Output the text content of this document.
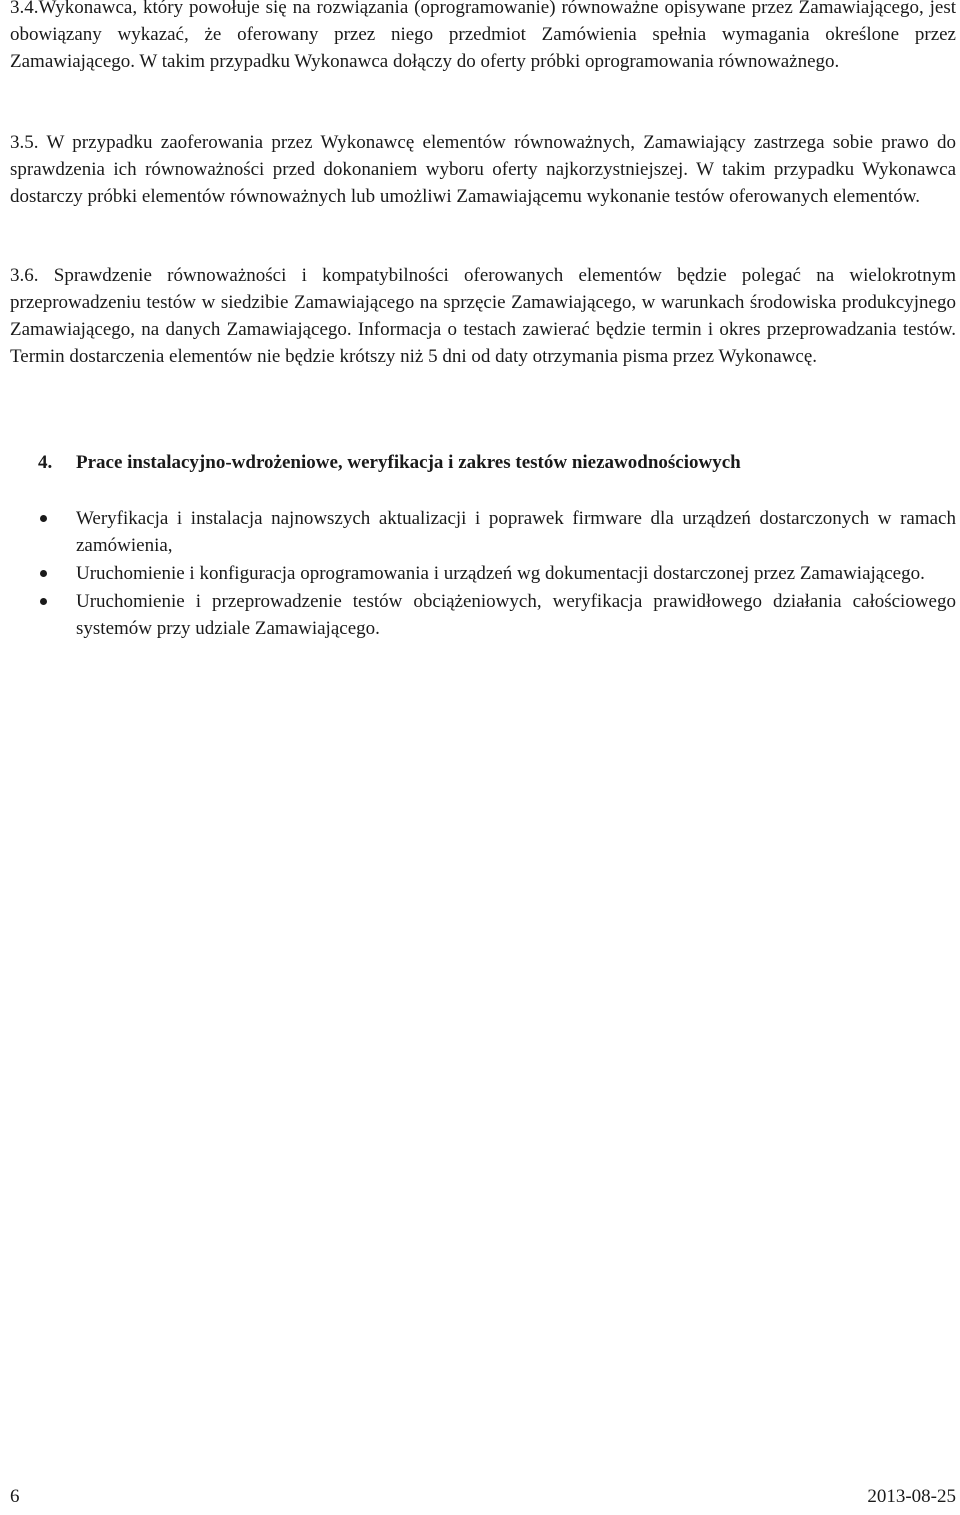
3.4.Wykonawca, który powołuje się na rozwiązania (oprogramowanie) równoważne opisywane przez Zamawiającego, jest obowiązany wykazać, że oferowany przez niego przedmiot Zamówienia spełnia wymagania określone przez Zamawiającego. W takim przypadku Wykonawca dołączy do oferty próbki oprogramowania równoważnego.
3.5. W przypadku zaoferowania przez Wykonawcę elementów równoważnych, Zamawiający zastrzega sobie prawo do sprawdzenia ich równoważności przed dokonaniem wyboru oferty najkorzystniejszej. W takim przypadku Wykonawca dostarczy próbki elementów równoważnych lub umożliwi Zamawiającemu wykonanie testów oferowanych elementów.
3.6. Sprawdzenie równoważności i kompatybilności oferowanych elementów będzie polegać na wielokrotnym przeprowadzeniu testów w siedzibie Zamawiającego na sprzęcie Zamawiającego, w warunkach środowiska produkcyjnego Zamawiającego, na danych Zamawiającego. Informacja o testach zawierać będzie termin i okres przeprowadzania testów. Termin dostarczenia elementów nie będzie krótszy niż 5 dni od daty otrzymania pisma przez Wykonawcę.
4.	Prace instalacyjno-wdrożeniowe, weryfikacja i zakres testów niezawodnościowych
Weryfikacja i instalacja najnowszych aktualizacji i poprawek firmware dla urządzeń dostarczonych w ramach zamówienia,
Uruchomienie i konfiguracja oprogramowania i urządzeń wg dokumentacji dostarczonej przez Zamawiającego.
Uruchomienie i przeprowadzenie testów obciążeniowych, weryfikacja prawidłowego działania całościowego systemów przy udziale Zamawiającego.
6	2013-08-25
